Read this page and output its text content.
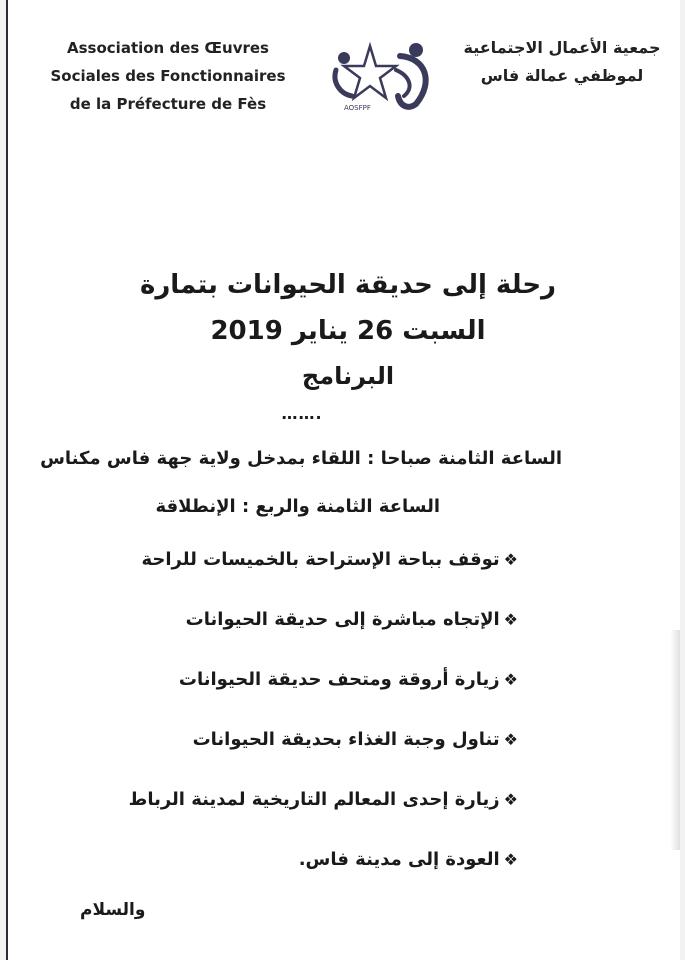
Association des Œuvres
Sociales des Fonctionnaires
de la Préfecture de Fès	AOSFPF
جمعية الأعمال الاجتماعية
لموظفي عمالة فاس
رحلة إلى حديقة الحيوانات بتمارة
السبت 26 يناير 2019
البرنامج
…….
الساعة الثامنة صباحا : اللقاء بمدخل ولاية جهة فاس مكناس
الساعة الثامنة والربع : الإنطلاقة
❖توقف بباحة الإستراحة بالخميسات للراحة
❖الإتجاه مباشرة إلى حديقة الحيوانات
❖زيارة أروقة ومتحف حديقة الحيوانات
❖تناول وجبة الغذاء بحديقة الحيوانات
❖زيارة إحدى المعالم التاريخية لمدينة الرباط
❖العودة إلى مدينة فاس.
والسلام
